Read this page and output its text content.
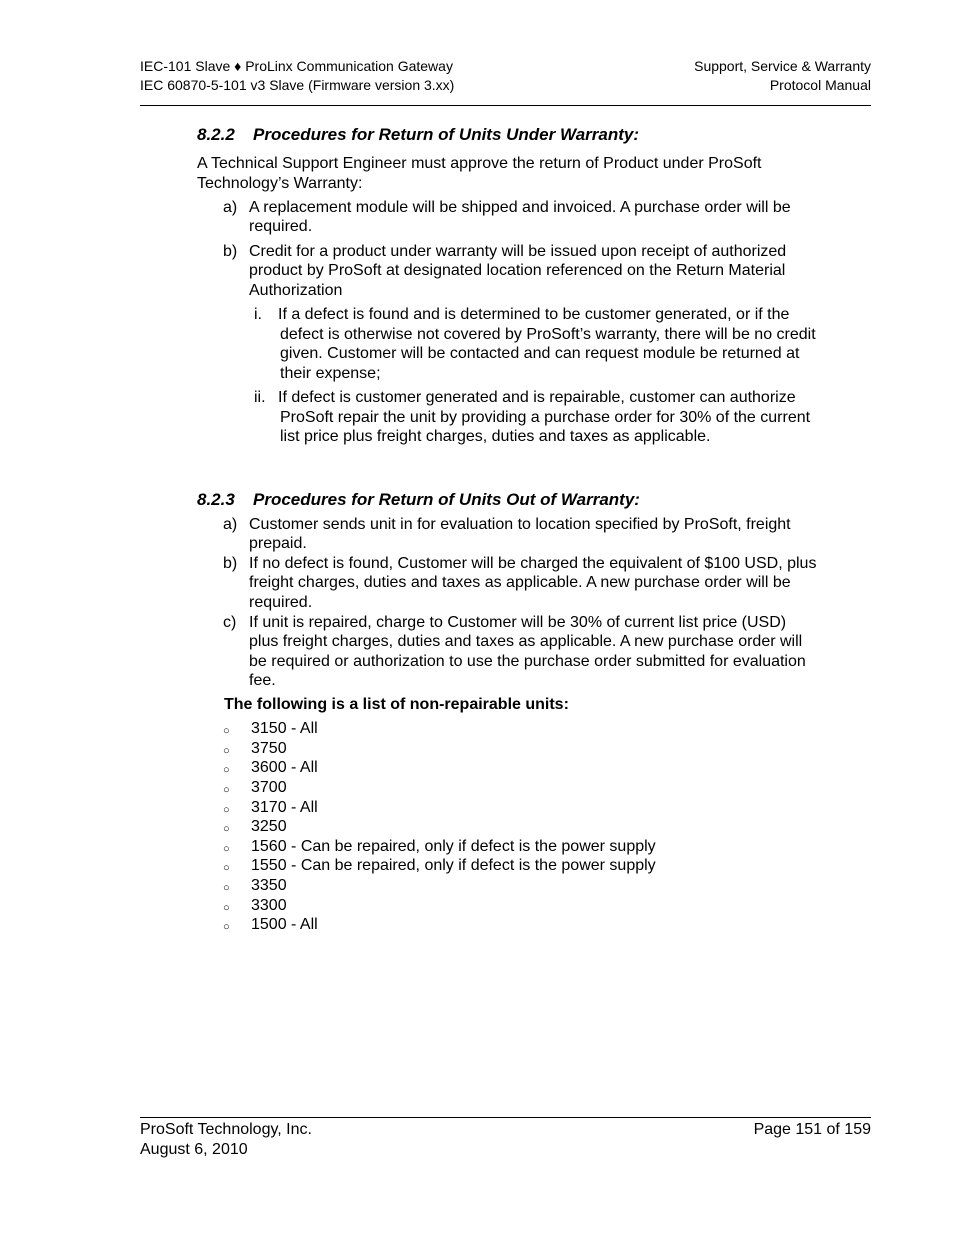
IEC-101 Slave ♦ ProLinx Communication Gateway
IEC 60870-5-101 v3 Slave (Firmware version 3.xx)
Support, Service & Warranty
Protocol Manual
8.2.2 Procedures for Return of Units Under Warranty:

A Technical Support Engineer must approve the return of Product under ProSoft Technology’s Warranty:

a) A replacement module will be shipped and invoiced. A purchase order will be required.
b) Credit for a product under warranty will be issued upon receipt of authorized product by ProSoft at designated location referenced on the Return Material Authorization
i. If a defect is found and is determined to be customer generated, or if the defect is otherwise not covered by ProSoft’s warranty, there will be no credit given. Customer will be contacted and can request module be returned at their expense;
ii. If defect is customer generated and is repairable, customer can authorize ProSoft repair the unit by providing a purchase order for 30% of the current list price plus freight charges, duties and taxes as applicable.
8.2.3 Procedures for Return of Units Out of Warranty:
a) Customer sends unit in for evaluation to location specified by ProSoft, freight prepaid.
b) If no defect is found, Customer will be charged the equivalent of $100 USD, plus freight charges, duties and taxes as applicable. A new purchase order will be required.
c) If unit is repaired, charge to Customer will be 30% of current list price (USD) plus freight charges, duties and taxes as applicable. A new purchase order will be required or authorization to use the purchase order submitted for evaluation fee.

The following is a list of non-repairable units:

○ 3150 - All
○ 3750
○ 3600 - All
○ 3700
○ 3170 - All
○ 3250
○ 1560 - Can be repaired, only if defect is the power supply
○ 1550 - Can be repaired, only if defect is the power supply
○ 3350
○ 3300
○ 1500 - All
ProSoft Technology, Inc.
August 6, 2010
Page 151 of 159
